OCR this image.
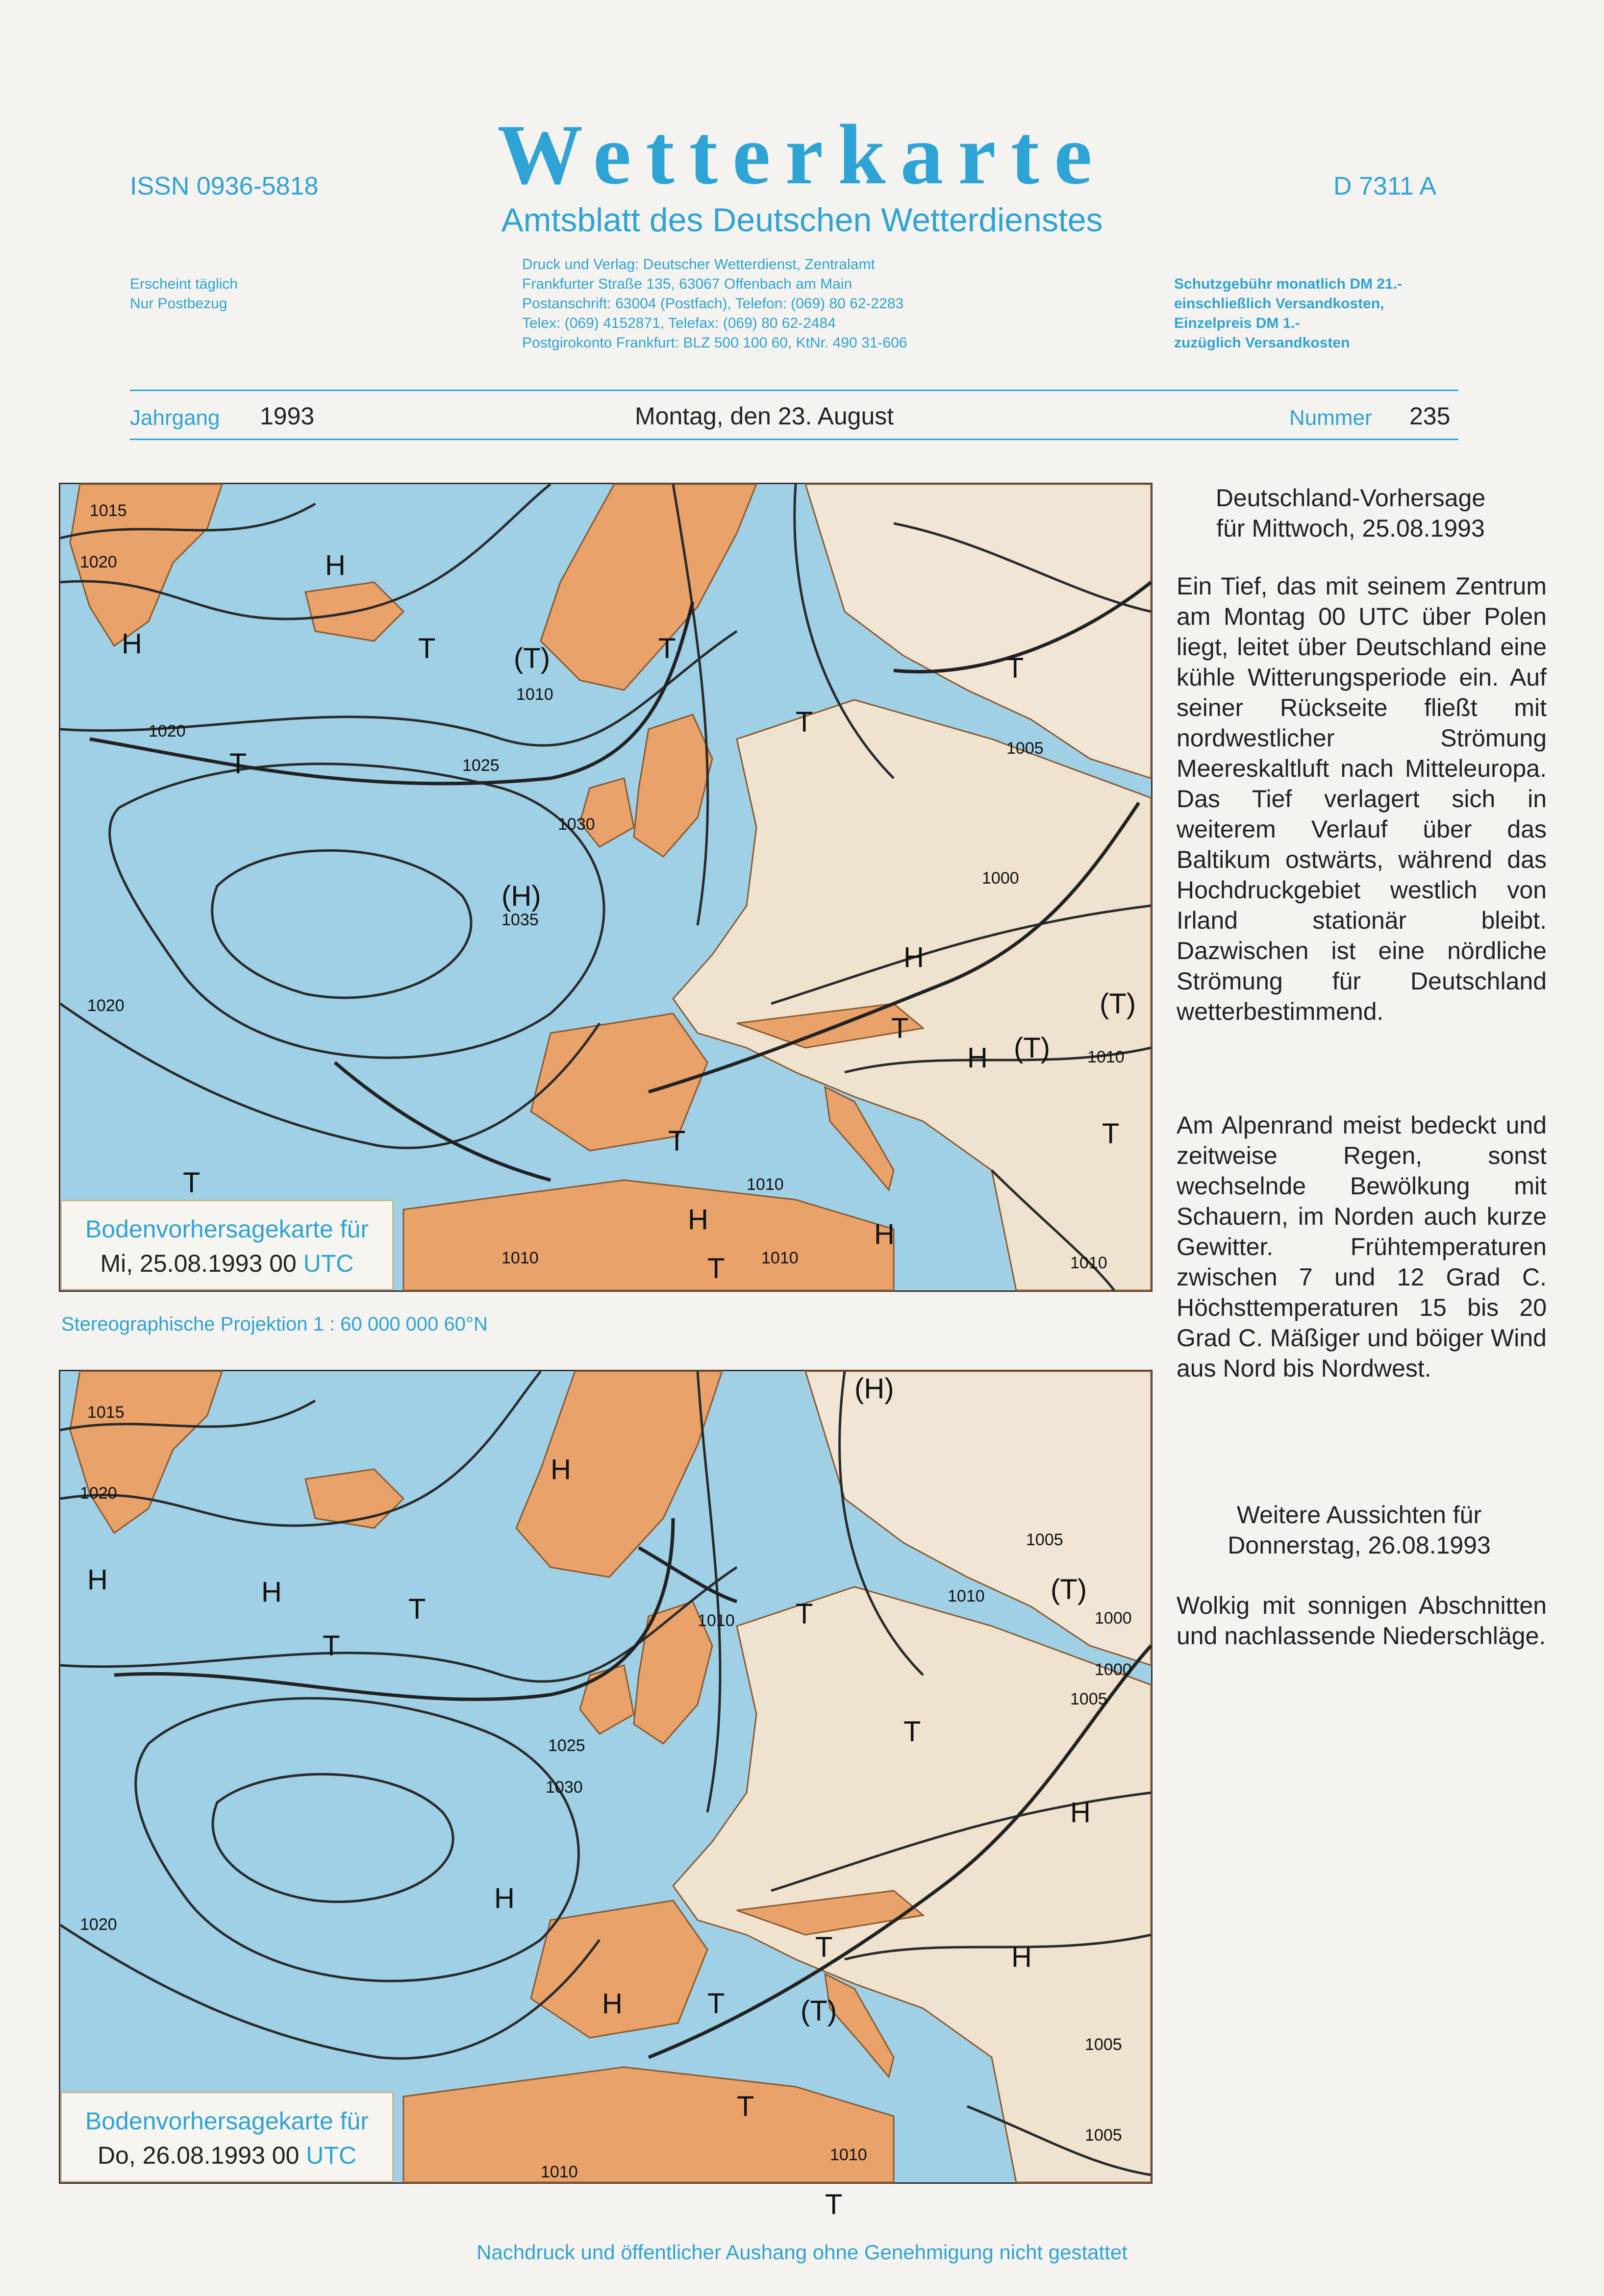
ISSN 0936-5818	Wetterkarte	D 7311 A
Amtsblatt des Deutschen Wetterdienstes
Erscheint täglich
Nur Postbezug
Druck und Verlag: Deutscher Wetterdienst, Zentralamt
Frankfurter Straße 135, 63067 Offenbach am Main
Postanschrift: 63004 (Postfach), Telefon: (069) 80 62-2283
Telex: (069) 4152871, Telefax: (069) 80 62-2484
Postgirokonto Frankfurt: BLZ 500 100 60, KtNr. 490 31-606
Schutzgebühr monatlich DM 21.-
einschließlich Versandkosten,
Einzelpreis DM 1.-
zuzüglich Versandkosten
Jahrgang 1993	Montag, den 23. August	Nummer 235
H
H
T
T	(T)	T
T
T
(H)
H
T
H (T)
(T)
T
H	H
T
T
T
1015
1020
1010
1020
1025
1030
1035
1020
1010
1005
1000
1010
1010	1010	1010
Bodenvorhersagekarte für
Mi, 25.08.1993 00 UTC
Stereographische Projektion 1 : 60 000 000 60°N
H	H
T
T
H
(H)
T
T
T
H
(T)
T
(T)
H
H
H
T
T
1015
1020
1010
1010
1005
1000
1000
1005
1025
1030
1020
1005
1005
1010
1010
Bodenvorhersagekarte für
Do, 26.08.1993 00 UTC
Deutschland-Vorhersage
für Mittwoch, 25.08.1993
Ein Tief, das mit seinem Zentrum am Montag 00 UTC über Polen liegt, leitet über Deutschland eine kühle Witterungsperiode ein. Auf seiner Rückseite fließt mit nordwestlicher Strömung Meereskaltluft nach Mitteleuropa. Das Tief verlagert sich in weiterem Verlauf über das Baltikum ostwärts, während das Hochdruckgebiet westlich von Irland stationär bleibt. Dazwischen ist eine nördliche Strömung für Deutschland wetterbestimmend.
Am Alpenrand meist bedeckt und zeitweise Regen, sonst wechselnde Bewölkung mit Schauern, im Norden auch kurze Gewitter. Frühtemperaturen zwischen 7 und 12 Grad C. Höchsttemperaturen 15 bis 20 Grad C. Mäßiger und böiger Wind aus Nord bis Nordwest.
Weitere Aussichten für
Donnerstag, 26.08.1993
Wolkig mit sonnigen Abschnitten und nachlassende Niederschläge.
Nachdruck und öffentlicher Aushang ohne Genehmigung nicht gestattet
